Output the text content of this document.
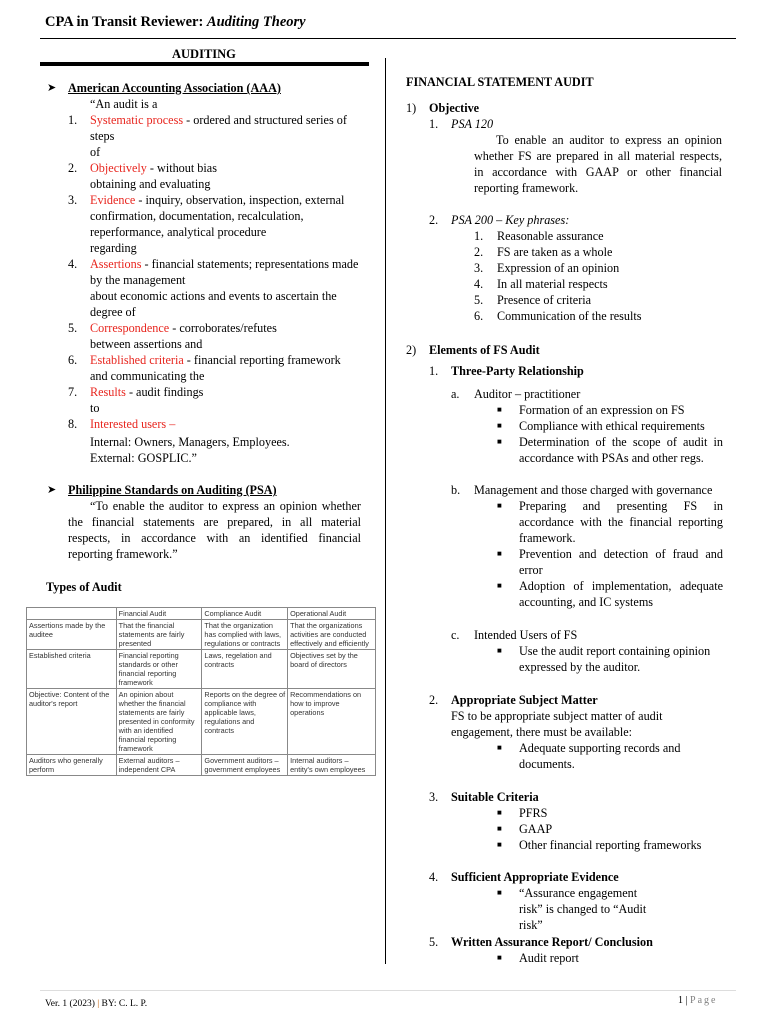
CPA in Transit Reviewer: Auditing Theory
AUDITING
➤ American Accounting Association (AAA)
“An audit is a
1. Systematic process - ordered and structured series of steps
of
2. Objectively - without bias
obtaining and evaluating
3. Evidence - inquiry, observation, inspection, external confirmation, documentation, recalculation, reperformance, analytical procedure
regarding
4. Assertions - financial statements; representations made by the management
about economic actions and events to ascertain the degree of
5. Correspondence - corroborates/refutes
between assertions and
6. Established criteria - financial reporting framework
and communicating the
7. Results - audit findings
to
8. Interested users –
Internal: Owners, Managers, Employees.
External: GOSPLIC.”
➤ Philippine Standards on Auditing (PSA)
“To enable the auditor to express an opinion whether the financial statements are prepared, in all material respects, in accordance with an identified financial reporting framework.”
Types of Audit
	Financial Audit	Compliance Audit	Operational Audit
Assertions made by the auditee	That the financial statements are fairly presented	That the organization has complied with laws, regulations or contracts	That the organizations activities are conducted effectively and efficiently
Established criteria	Financial reporting standards or other financial reporting framework	Laws, regelation and contracts	Objectives set by the board of directors
Objective: Content of the auditor's report	An opinion about whether the financial statements are fairly presented in conformity with an identified financial reporting framework	Reports on the degree of compliance with applicable laws, regulations and contracts	Recommendations on how to improve operations
Auditors who generally perform	External auditors – independent CPA	Government auditors – government employees	Internal auditors – entity's own employees
FINANCIAL STATEMENT AUDIT
1) Objective
1. PSA 120
To enable an auditor to express an opinion whether FS are prepared in all material respects, in accordance with GAAP or other financial reporting framework.
2. PSA 200 – Key phrases:
1. Reasonable assurance
2. FS are taken as a whole
3. Expression of an opinion
4. In all material respects
5. Presence of criteria
6. Communication of the results
2) Elements of FS Audit
1. Three-Party Relationship
a. Auditor – practitioner
■ Formation of an expression on FS
■ Compliance with ethical requirements
■ Determination of the scope of audit in accordance with PSAs and other regs.
b. Management and those charged with governance
■ Preparing and presenting FS in accordance with the financial reporting framework.
■ Prevention and detection of fraud and error
■ Adoption of implementation, adequate accounting, and IC systems
c. Intended Users of FS
■ Use the audit report containing opinion expressed by the auditor.
2. Appropriate Subject Matter
FS to be appropriate subject matter of audit engagement, there must be available:
■ Adequate supporting records and documents.
3. Suitable Criteria
■ PFRS
■ GAAP
■ Other financial reporting frameworks
4. Sufficient Appropriate Evidence
■ “Assurance engagement risk” is changed to “Audit risk”
5. Written Assurance Report/ Conclusion
■ Audit report
Ver. 1 (2023) | BY: C. L. P.	1 | Page
